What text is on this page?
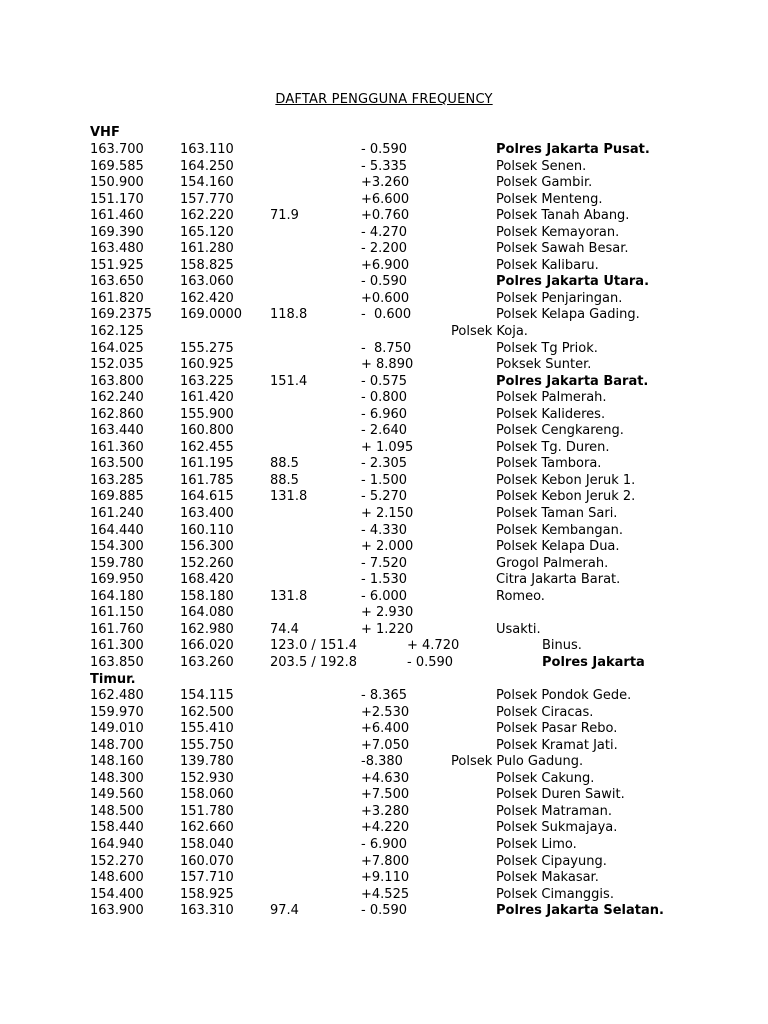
DAFTAR PENGGUNA FREQUENCY
VHF
163.700	163.110	- 0.590	Polres Jakarta Pusat.
169.585	164.250	- 5.335	Polsek Senen.
150.900	154.160	+3.260	Polsek Gambir.
151.170	157.770	+6.600	Polsek Menteng.
161.460	162.220	71.9	+0.760	Polsek Tanah Abang.
169.390	165.120	- 4.270	Polsek Kemayoran.
163.480	161.280	- 2.200	Polsek Sawah Besar.
151.925	158.825	+6.900	Polsek Kalibaru.
163.650	163.060	- 0.590	Polres Jakarta Utara.
161.820	162.420	+0.600	Polsek Penjaringan.
169.2375 169.0000 118.8	-  0.600	Polsek Kelapa Gading.
162.125	Polsek Koja.
164.025	155.275	-  8.750	Polsek Tg Priok.
152.035	160.925	+ 8.890	Poksek Sunter.
163.800	163.225	151.4	- 0.575	Polres Jakarta Barat.
162.240	161.420	- 0.800	Polsek Palmerah.
162.860	155.900	- 6.960	Polsek Kalideres.
163.440	160.800	- 2.640	Polsek Cengkareng.
161.360	162.455	+ 1.095	Polsek Tg. Duren.
163.500	161.195	88.5	- 2.305	Polsek Tambora.
163.285	161.785	88.5	- 1.500	Polsek Kebon Jeruk 1.
169.885	164.615	131.8	- 5.270	Polsek Kebon Jeruk 2.
161.240	163.400	+ 2.150	Polsek Taman Sari.
164.440	160.110	- 4.330	Polsek Kembangan.
154.300	156.300	+ 2.000	Polsek Kelapa Dua.
159.780	152.260	- 7.520	Grogol Palmerah.
169.950	168.420	- 1.530	Citra Jakarta Barat.
164.180	158.180	131.8	- 6.000	Romeo.
161.150	164.080	+ 2.930
161.760	162.980	74.4	+ 1.220	Usakti.
161.300	166.020	123.0 / 151.4	+ 4.720	Binus.
163.850	163.260	203.5 / 192.8	- 0.590	Polres Jakarta
Timur.
162.480	154.115	- 8.365	Polsek Pondok Gede.
159.970	162.500	+2.530	Polsek Ciracas.
149.010	155.410	+6.400	Polsek Pasar Rebo.
148.700	155.750	+7.050	Polsek Kramat Jati.
148.160	139.780	-8.380	Polsek Pulo Gadung.
148.300	152.930	+4.630	Polsek Cakung.
149.560	158.060	+7.500	Polsek Duren Sawit.
148.500	151.780	+3.280	Polsek Matraman.
158.440	162.660	+4.220	Polsek Sukmajaya.
164.940	158.040	- 6.900	Polsek Limo.
152.270	160.070	+7.800	Polsek Cipayung.
148.600	157.710	+9.110	Polsek Makasar.
154.400	158.925	+4.525	Polsek Cimanggis.
163.900	163.310	97.4	- 0.590	Polres Jakarta Selatan.
